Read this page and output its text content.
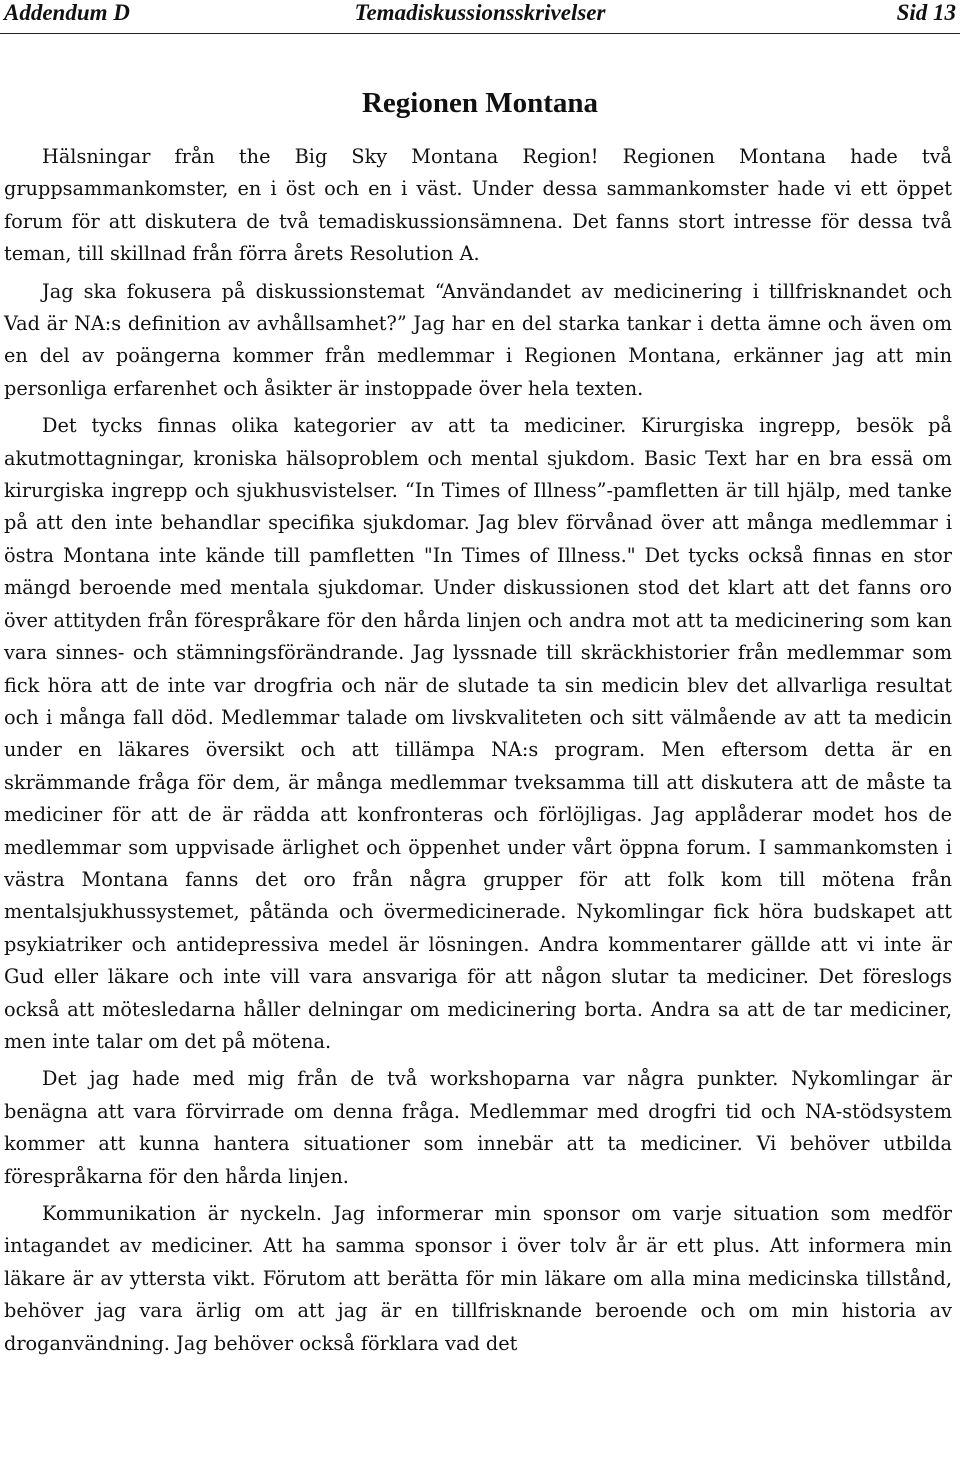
Temadiskussionsskrivelser
Addendum D	Sid 13
Regionen Montana

Hälsningar från the Big Sky Montana Region! Regionen Montana hade två gruppsammankomster, en i öst och en i väst. Under dessa sammankomster hade vi ett öppet forum för att diskutera de två temadiskussionsämnena. Det fanns stort intresse för dessa två teman, till skillnad från förra årets Resolution A.

Jag ska fokusera på diskussionstemat “Användandet av medicinering i tillfrisknandet och Vad är NA:s definition av avhållsamhet?” Jag har en del starka tankar i detta ämne och även om en del av poängerna kommer från medlemmar i Regionen Montana, erkänner jag att min personliga erfarenhet och åsikter är instoppade över hela texten.

Det tycks finnas olika kategorier av att ta mediciner. Kirurgiska ingrepp, besök på akutmottagningar, kroniska hälsoproblem och mental sjukdom. Basic Text har en bra essä om kirurgiska ingrepp och sjukhusvistelser. “In Times of Illness”-pamfletten är till hjälp, med tanke på att den inte behandlar specifika sjukdomar. Jag blev förvånad över att många medlemmar i östra Montana inte kände till pamfletten "In Times of Illness." Det tycks också finnas en stor mängd beroende med mentala sjukdomar. Under diskussionen stod det klart att det fanns oro över attityden från förespråkare för den hårda linjen och andra mot att ta medicinering som kan vara sinnes- och stämningsförändrande. Jag lyssnade till skräckhistorier från medlemmar som fick höra att de inte var drogfria och när de slutade ta sin medicin blev det allvarliga resultat och i många fall död. Medlemmar talade om livskvaliteten och sitt välmående av att ta medicin under en läkares översikt och att tillämpa NA:s program. Men eftersom detta är en skrämmande fråga för dem, är många medlemmar tveksamma till att diskutera att de måste ta mediciner för att de är rädda att konfronteras och förlöjligas. Jag applåderar modet hos de medlemmar som uppvisade ärlighet och öppenhet under vårt öppna forum. I sammankomsten i västra Montana fanns det oro från några grupper för att folk kom till mötena från mentalsjukhussystemet, påtända och övermedicinerade. Nykomlingar fick höra budskapet att psykiatriker och antidepressiva medel är lösningen. Andra kommentarer gällde att vi inte är Gud eller läkare och inte vill vara ansvariga för att någon slutar ta mediciner. Det föreslogs också att mötesledarna håller delningar om medicinering borta. Andra sa att de tar mediciner, men inte talar om det på mötena.

Det jag hade med mig från de två workshoparna var några punkter. Nykomlingar är benägna att vara förvirrade om denna fråga. Medlemmar med drogfri tid och NA-stödsystem kommer att kunna hantera situationer som innebär att ta mediciner. Vi behöver utbilda förespråkarna för den hårda linjen.

Kommunikation är nyckeln. Jag informerar min sponsor om varje situation som medför intagandet av mediciner. Att ha samma sponsor i över tolv år är ett plus. Att informera min läkare är av yttersta vikt. Förutom att berätta för min läkare om alla mina medicinska tillstånd, behöver jag vara ärlig om att jag är en tillfrisknande beroende och om min historia av droganvändning. Jag behöver också förklara vad det
